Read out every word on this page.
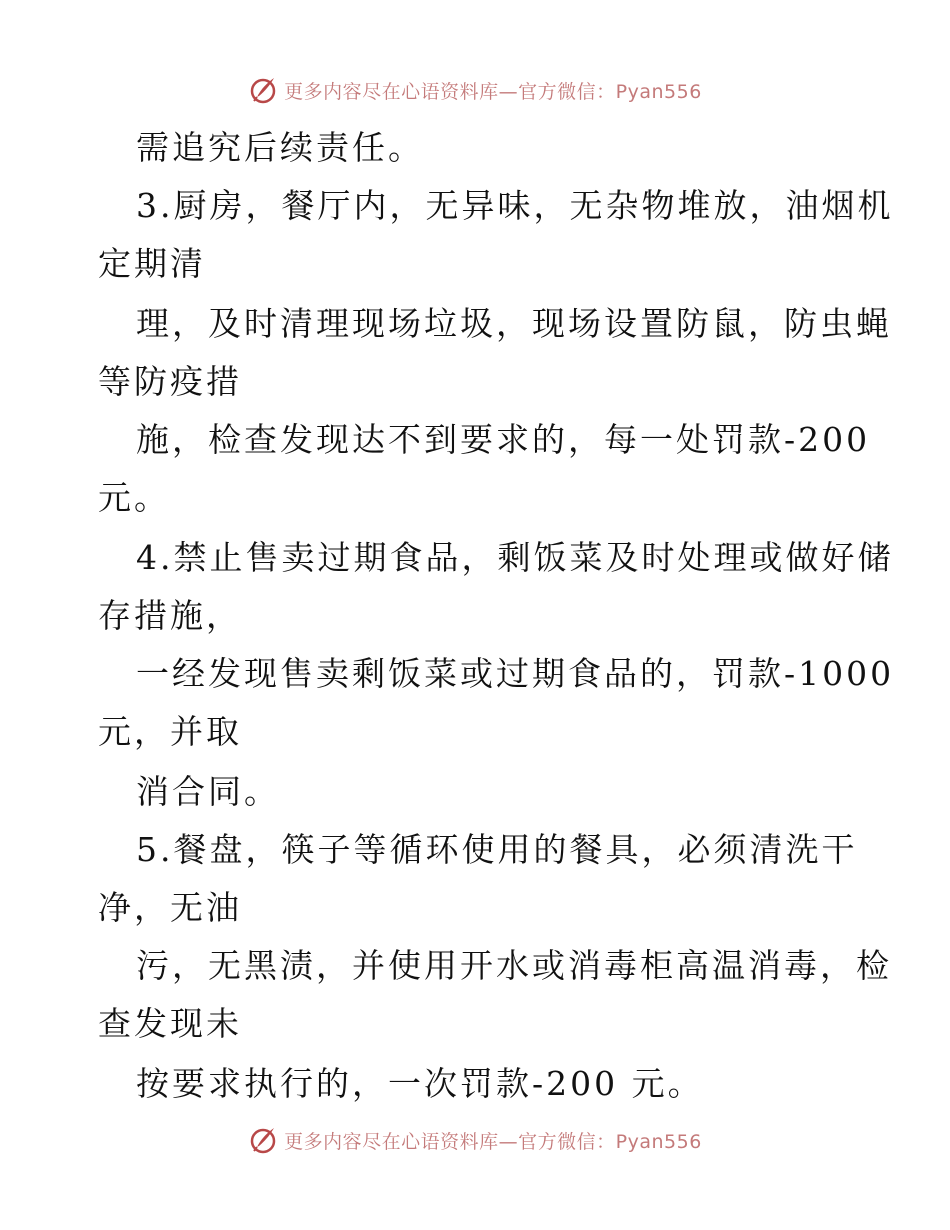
更多内容尽在心语资料库—官方微信：Pyan556
需追究后续责任。
3.厨房，餐厅内，无异味，无杂物堆放，油烟机
定期清
理，及时清理现场垃圾，现场设置防鼠，防虫蝇
等防疫措
施，检查发现达不到要求的，每一处罚款-200
元。
4.禁止售卖过期食品，剩饭菜及时处理或做好储
存措施，
一经发现售卖剩饭菜或过期食品的，罚款-1000
元，并取
消合同。
5.餐盘，筷子等循环使用的餐具，必须清洗干
净，无油
污，无黑渍，并使用开水或消毒柜高温消毒，检
查发现未
按要求执行的，一次罚款-200 元。
更多内容尽在心语资料库—官方微信：Pyan556
